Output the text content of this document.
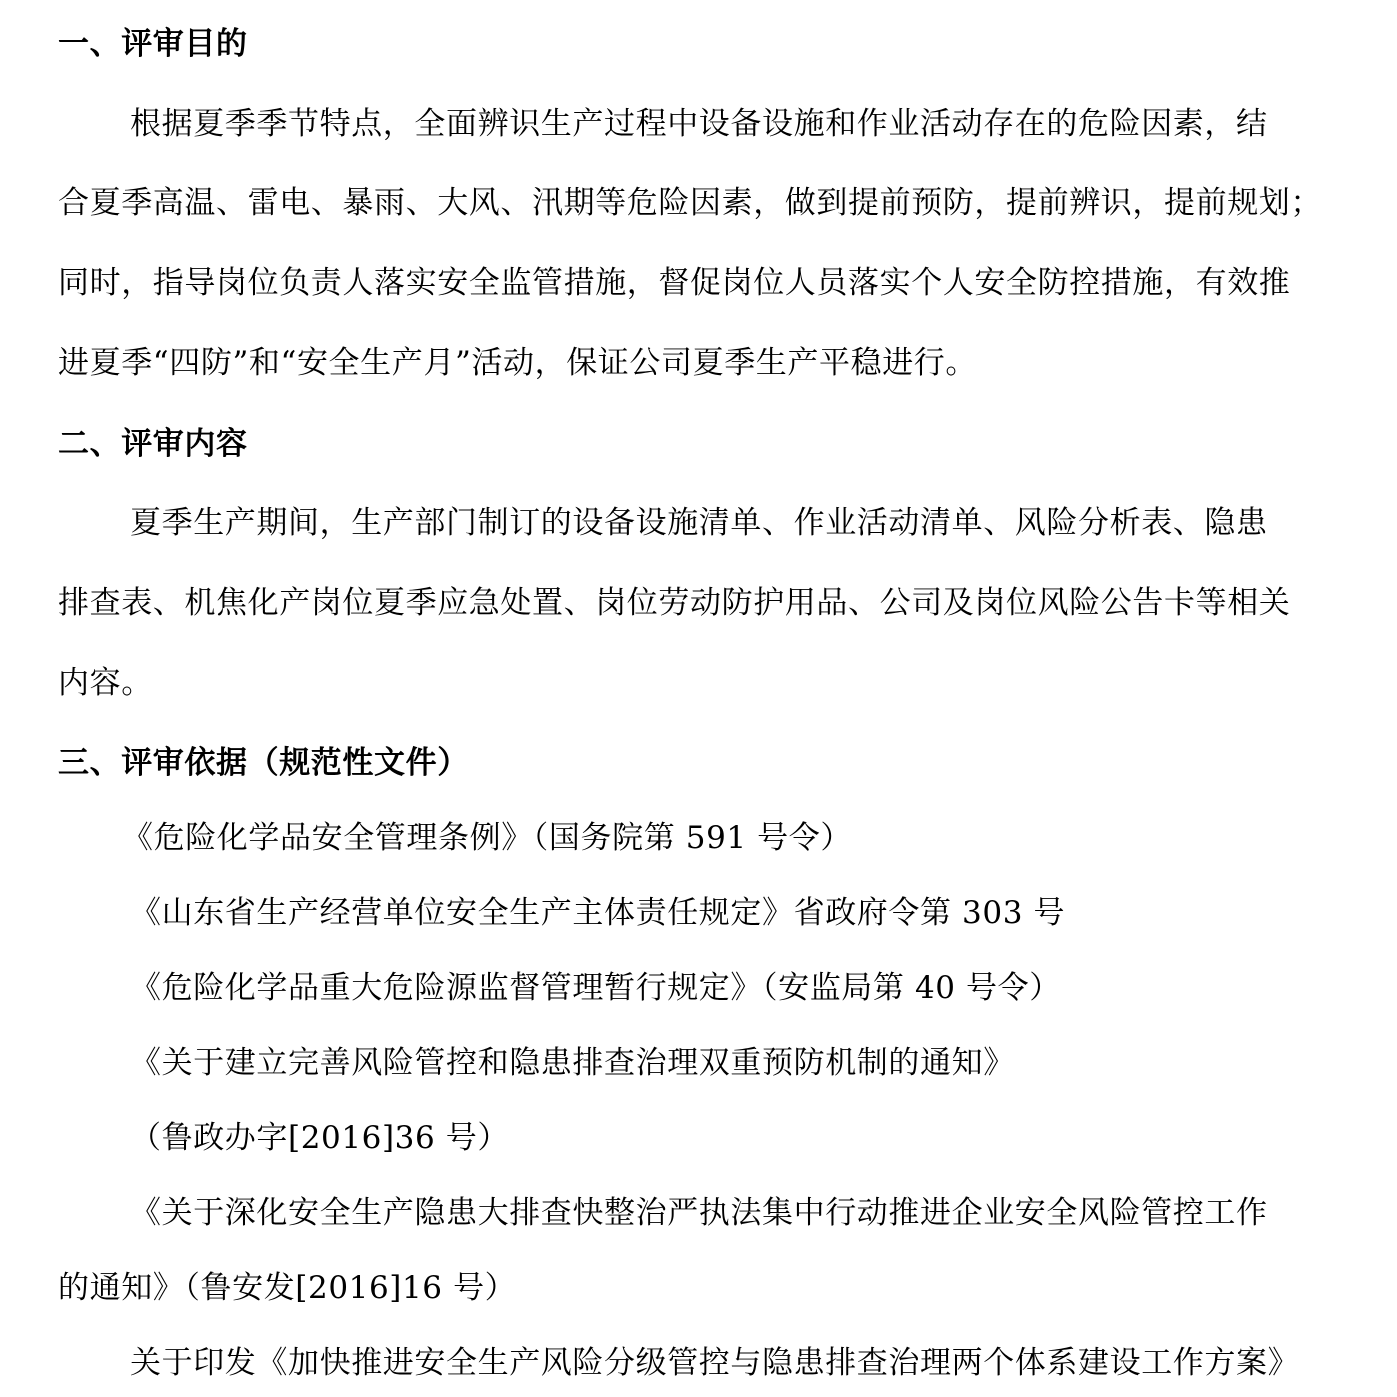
一、评审目的
根据夏季季节特点，全面辨识生产过程中设备设施和作业活动存在的危险因素，结
合夏季高温、雷电、暴雨、大风、汛期等危险因素，做到提前预防，提前辨识，提前规划；
同时，指导岗位负责人落实安全监管措施，督促岗位人员落实个人安全防控措施，有效推
进夏季“四防”和“安全生产月”活动，保证公司夏季生产平稳进行。
二、评审内容
夏季生产期间，生产部门制订的设备设施清单、作业活动清单、风险分析表、隐患
排查表、机焦化产岗位夏季应急处置、岗位劳动防护用品、公司及岗位风险公告卡等相关
内容。
三、评审依据（规范性文件）
《危险化学品安全管理条例》（国务院第 591 号令）
《山东省生产经营单位安全生产主体责任规定》省政府令第 303 号
《危险化学品重大危险源监督管理暂行规定》（安监局第 40 号令）
《关于建立完善风险管控和隐患排查治理双重预防机制的通知》
（鲁政办字[2016]36 号）
《关于深化安全生产隐患大排查快整治严执法集中行动推进企业安全风险管控工作
的通知》（鲁安发[2016]16 号）
关于印发《加快推进安全生产风险分级管控与隐患排查治理两个体系建设工作方案》
